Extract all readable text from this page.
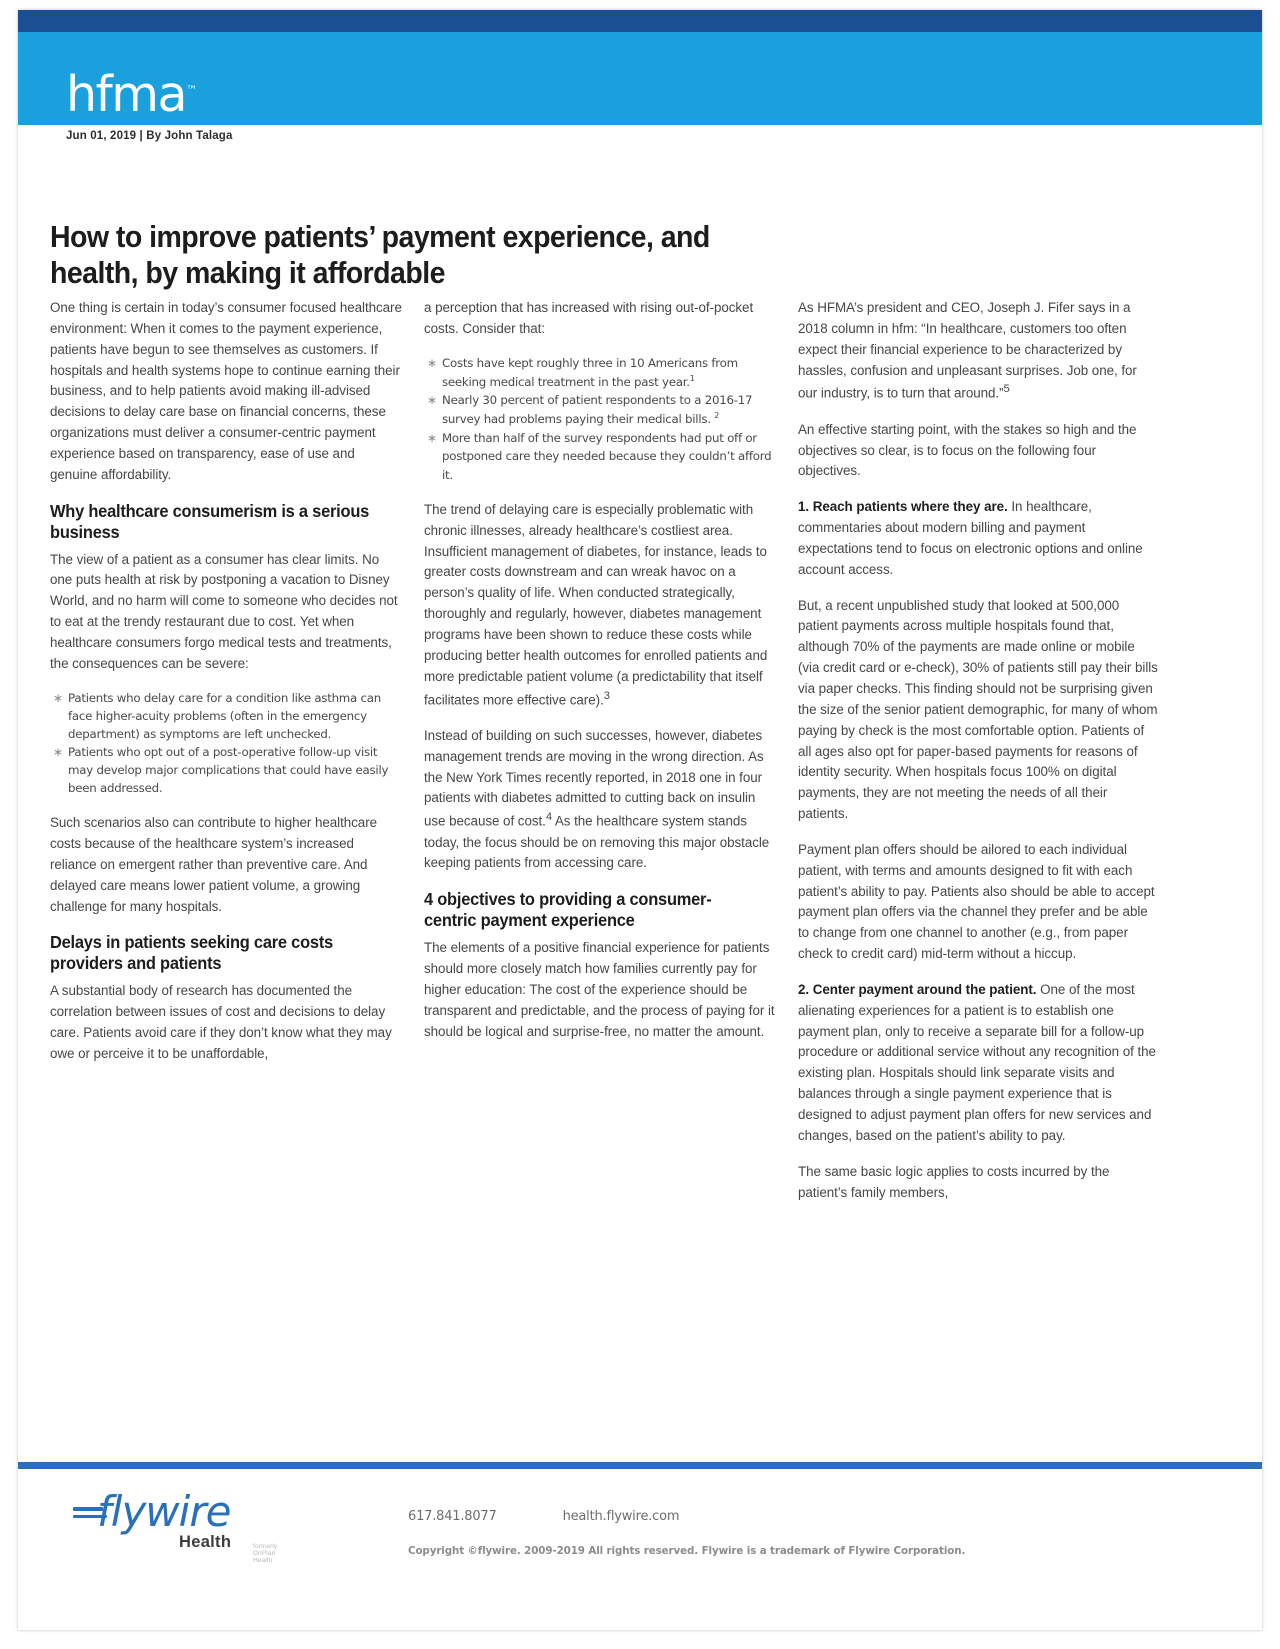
hfma™
Jun 01, 2019 | By John Talaga
How to improve patients’ payment experience, and health, by making it affordable

One thing is certain in today’s consumer focused healthcare environment: When it comes to the payment experience, patients have begun to see themselves as customers. If hospitals and health systems hope to continue earning their business, and to help patients avoid making ill-advised decisions to delay care base on financial concerns, these organizations must deliver a consumer-centric payment experience based on transparency, ease of use and genuine affordability.

Why healthcare consumerism is a serious business

The view of a patient as a consumer has clear limits. No one puts health at risk by postponing a vacation to Disney World, and no harm will come to someone who decides not to eat at the trendy restaurant due to cost. Yet when healthcare consumers forgo medical tests and treatments, the consequences can be severe:

∗ Patients who delay care for a condition like asthma can face higher-acuity problems (often in the emergency department) as symptoms are left unchecked.
∗ Patients who opt out of a post-operative follow-up visit may develop major complications that could have easily been addressed.

Such scenarios also can contribute to higher healthcare costs because of the healthcare system’s increased reliance on emergent rather than preventive care. And delayed care means lower patient volume, a growing challenge for many hospitals.

Delays in patients seeking care costs providers and patients

A substantial body of research has documented the correlation between issues of cost and decisions to delay care. Patients avoid care if they don’t know what they may owe or perceive it to be unaffordable,

a perception that has increased with rising out-of-pocket costs. Consider that:

∗ Costs have kept roughly three in 10 Americans from seeking medical treatment in the past year.$^1$
∗ Nearly 30 percent of patient respondents to a 2016-17 survey had problems paying their medical bills. $^2$
∗ More than half of the survey respondents had put off or postponed care they needed because they couldn’t afford it.

The trend of delaying care is especially problematic with chronic illnesses, already healthcare’s costliest area. Insufficient management of diabetes, for instance, leads to greater costs downstream and can wreak havoc on a person’s quality of life. When conducted strategically, thoroughly and regularly, however, diabetes management programs have been shown to reduce these costs while producing better health outcomes for enrolled patients and more predictable patient volume (a predictability that itself facilitates more effective care).$^3$

Instead of building on such successes, however, diabetes management trends are moving in the wrong direction. As the New York Times recently reported, in 2018 one in four patients with diabetes admitted to cutting back on insulin use because of cost.$^4$ As the healthcare system stands today, the focus should be on removing this major obstacle keeping patients from accessing care.

4 objectives to providing a consumer-centric payment experience

The elements of a positive financial experience for patients should more closely match how families currently pay for higher education: The cost of the experience should be transparent and predictable, and the process of paying for it should be logical and surprise-free, no matter the amount.

As HFMA’s president and CEO, Joseph J. Fifer says in a 2018 column in hfm: “In healthcare, customers too often expect their financial experience to be characterized by hassles, confusion and unpleasant surprises. Job one, for our industry, is to turn that around.”$^5$

An effective starting point, with the stakes so high and the objectives so clear, is to focus on the following four objectives.

1. Reach patients where they are. In healthcare, commentaries about modern billing and payment expectations tend to focus on electronic options and online account access.

But, a recent unpublished study that looked at 500,000 patient payments across multiple hospitals found that, although 70% of the payments are made online or mobile (via credit card or e-check), 30% of patients still pay their bills via paper checks. This finding should not be surprising given the size of the senior patient demographic, for many of whom paying by check is the most comfortable option. Patients of all ages also opt for paper-based payments for reasons of identity security. When hospitals focus 100% on digital payments, they are not meeting the needs of all their patients.

Payment plan offers should be ailored to each individual patient, with terms and amounts designed to fit with each patient’s ability to pay. Patients also should be able to accept payment plan offers via the channel they prefer and be able to change from one channel to another (e.g., from paper check to credit card) mid-term without a hiccup.

2. Center payment around the patient. One of the most alienating experiences for a patient is to establish one payment plan, only to receive a separate bill for a follow-up procedure or additional service without any recognition of the existing plan. Hospitals should link separate visits and balances through a single payment experience that is designed to adjust payment plan offers for new services and changes, based on the patient’s ability to pay.

The same basic logic applies to costs incurred by the patient’s family members,

flywire
Health	formerly OnPlan Health
617.841.8077	health.flywire.com
Copyright ©flywire. 2009-2019 All rights reserved. Flywire is a trademark of Flywire Corporation.
